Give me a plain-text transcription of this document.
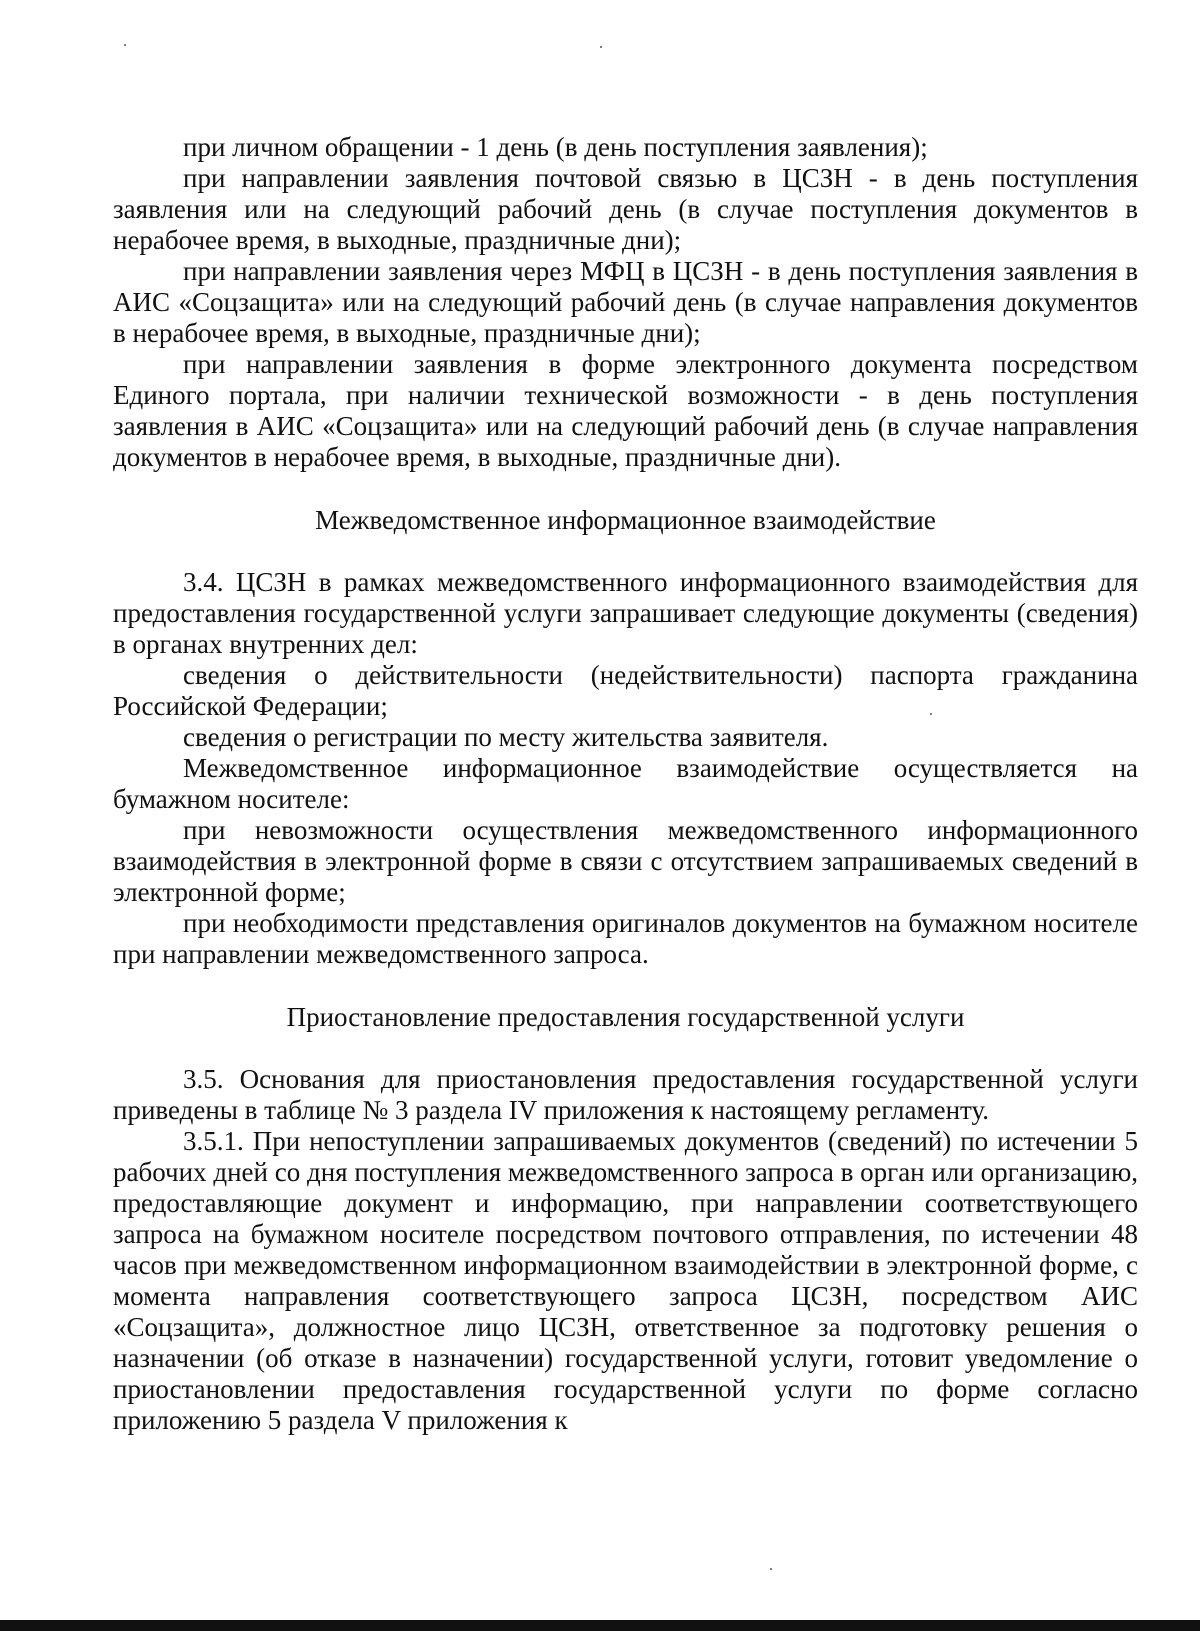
при личном обращении - 1 день (в день поступления заявления);

при направлении заявления почтовой связью в ЦСЗН - в день поступления заявления или на следующий рабочий день (в случае поступления документов в нерабочее время, в выходные, праздничные дни);

при направлении заявления через МФЦ в ЦСЗН - в день поступления заявления в АИС «Соцзащита» или на следующий рабочий день (в случае направления документов в нерабочее время, в выходные, праздничные дни);

при направлении заявления в форме электронного документа посредством Единого портала, при наличии технической возможности - в день поступления заявления в АИС «Соцзащита» или на следующий рабочий день (в случае направления документов в нерабочее время, в выходные, праздничные дни).

Межведомственное информационное взаимодействие

3.4. ЦСЗН в рамках межведомственного информационного взаимодействия для предоставления государственной услуги запрашивает следующие документы (сведения) в органах внутренних дел:

сведения о действительности (недействительности) паспорта гражданина Российской Федерации;

сведения о регистрации по месту жительства заявителя.

Межведомственное информационное взаимодействие осуществляется на бумажном носителе:

при невозможности осуществления межведомственного информационного взаимодействия в электронной форме в связи с отсутствием запрашиваемых сведений в электронной форме;

при необходимости представления оригиналов документов на бумажном носителе при направлении межведомственного запроса.

Приостановление предоставления государственной услуги

3.5. Основания для приостановления предоставления государственной услуги приведены в таблице № 3 раздела IV приложения к настоящему регламенту.

3.5.1. При непоступлении запрашиваемых документов (сведений) по истечении 5 рабочих дней со дня поступления межведомственного запроса в орган или организацию, предоставляющие документ и информацию, при направлении соответствующего запроса на бумажном носителе посредством почтового отправления, по истечении 48 часов при межведомственном информационном взаимодействии в электронной форме, с момента направления соответствующего запроса ЦСЗН, посредством АИС «Соцзащита», должностное лицо ЦСЗН, ответственное за подготовку решения о назначении (об отказе в назначении) государственной услуги, готовит уведомление о приостановлении предоставления государственной услуги по форме согласно приложению 5 раздела V приложения к
